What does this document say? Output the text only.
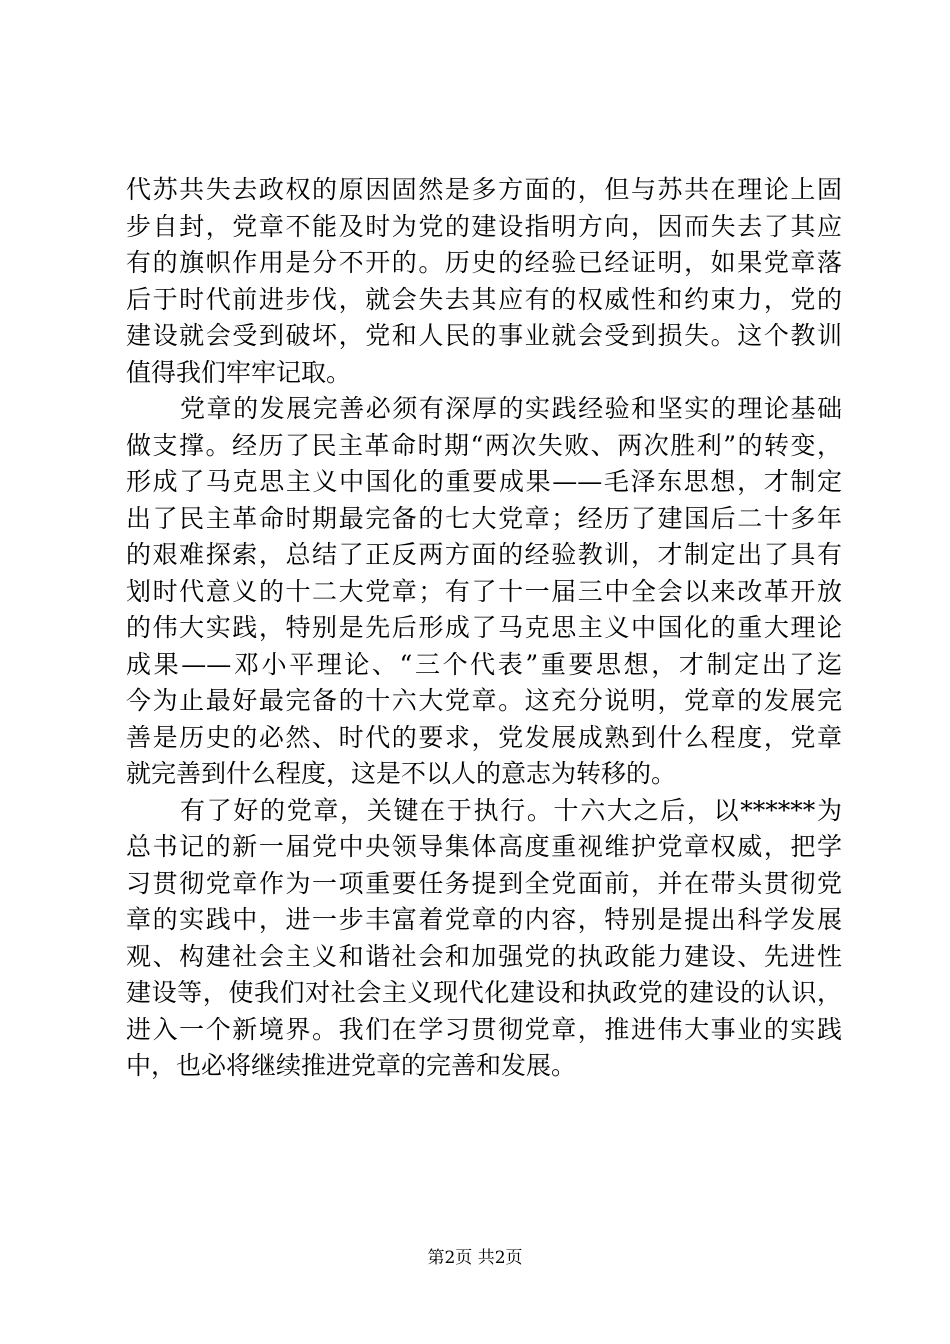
代苏共失去政权的原因固然是多方面的，但与苏共在理论上固
步自封，党章不能及时为党的建设指明方向，因而失去了其应
有的旗帜作用是分不开的。历史的经验已经证明，如果党章落
后于时代前进步伐，就会失去其应有的权威性和约束力，党的
建设就会受到破坏，党和人民的事业就会受到损失。这个教训
值得我们牢牢记取。
党章的发展完善必须有深厚的实践经验和坚实的理论基础
做支撑。经历了民主革命时期“两次失败、两次胜利”的转变，
形成了马克思主义中国化的重要成果——毛泽东思想，才制定
出了民主革命时期最完备的七大党章；经历了建国后二十多年
的艰难探索，总结了正反两方面的经验教训，才制定出了具有
划时代意义的十二大党章；有了十一届三中全会以来改革开放
的伟大实践，特别是先后形成了马克思主义中国化的重大理论
成果——邓小平理论、“三个代表”重要思想，才制定出了迄
今为止最好最完备的十六大党章。这充分说明，党章的发展完
善是历史的必然、时代的要求，党发展成熟到什么程度，党章
就完善到什么程度，这是不以人的意志为转移的。
有了好的党章，关键在于执行。十六大之后，以******为
总书记的新一届党中央领导集体高度重视维护党章权威，把学
习贯彻党章作为一项重要任务提到全党面前，并在带头贯彻党
章的实践中，进一步丰富着党章的内容，特别是提出科学发展
观、构建社会主义和谐社会和加强党的执政能力建设、先进性
建设等，使我们对社会主义现代化建设和执政党的建设的认识，
进入一个新境界。我们在学习贯彻党章，推进伟大事业的实践
中，也必将继续推进党章的完善和发展。
第2页 共2页
